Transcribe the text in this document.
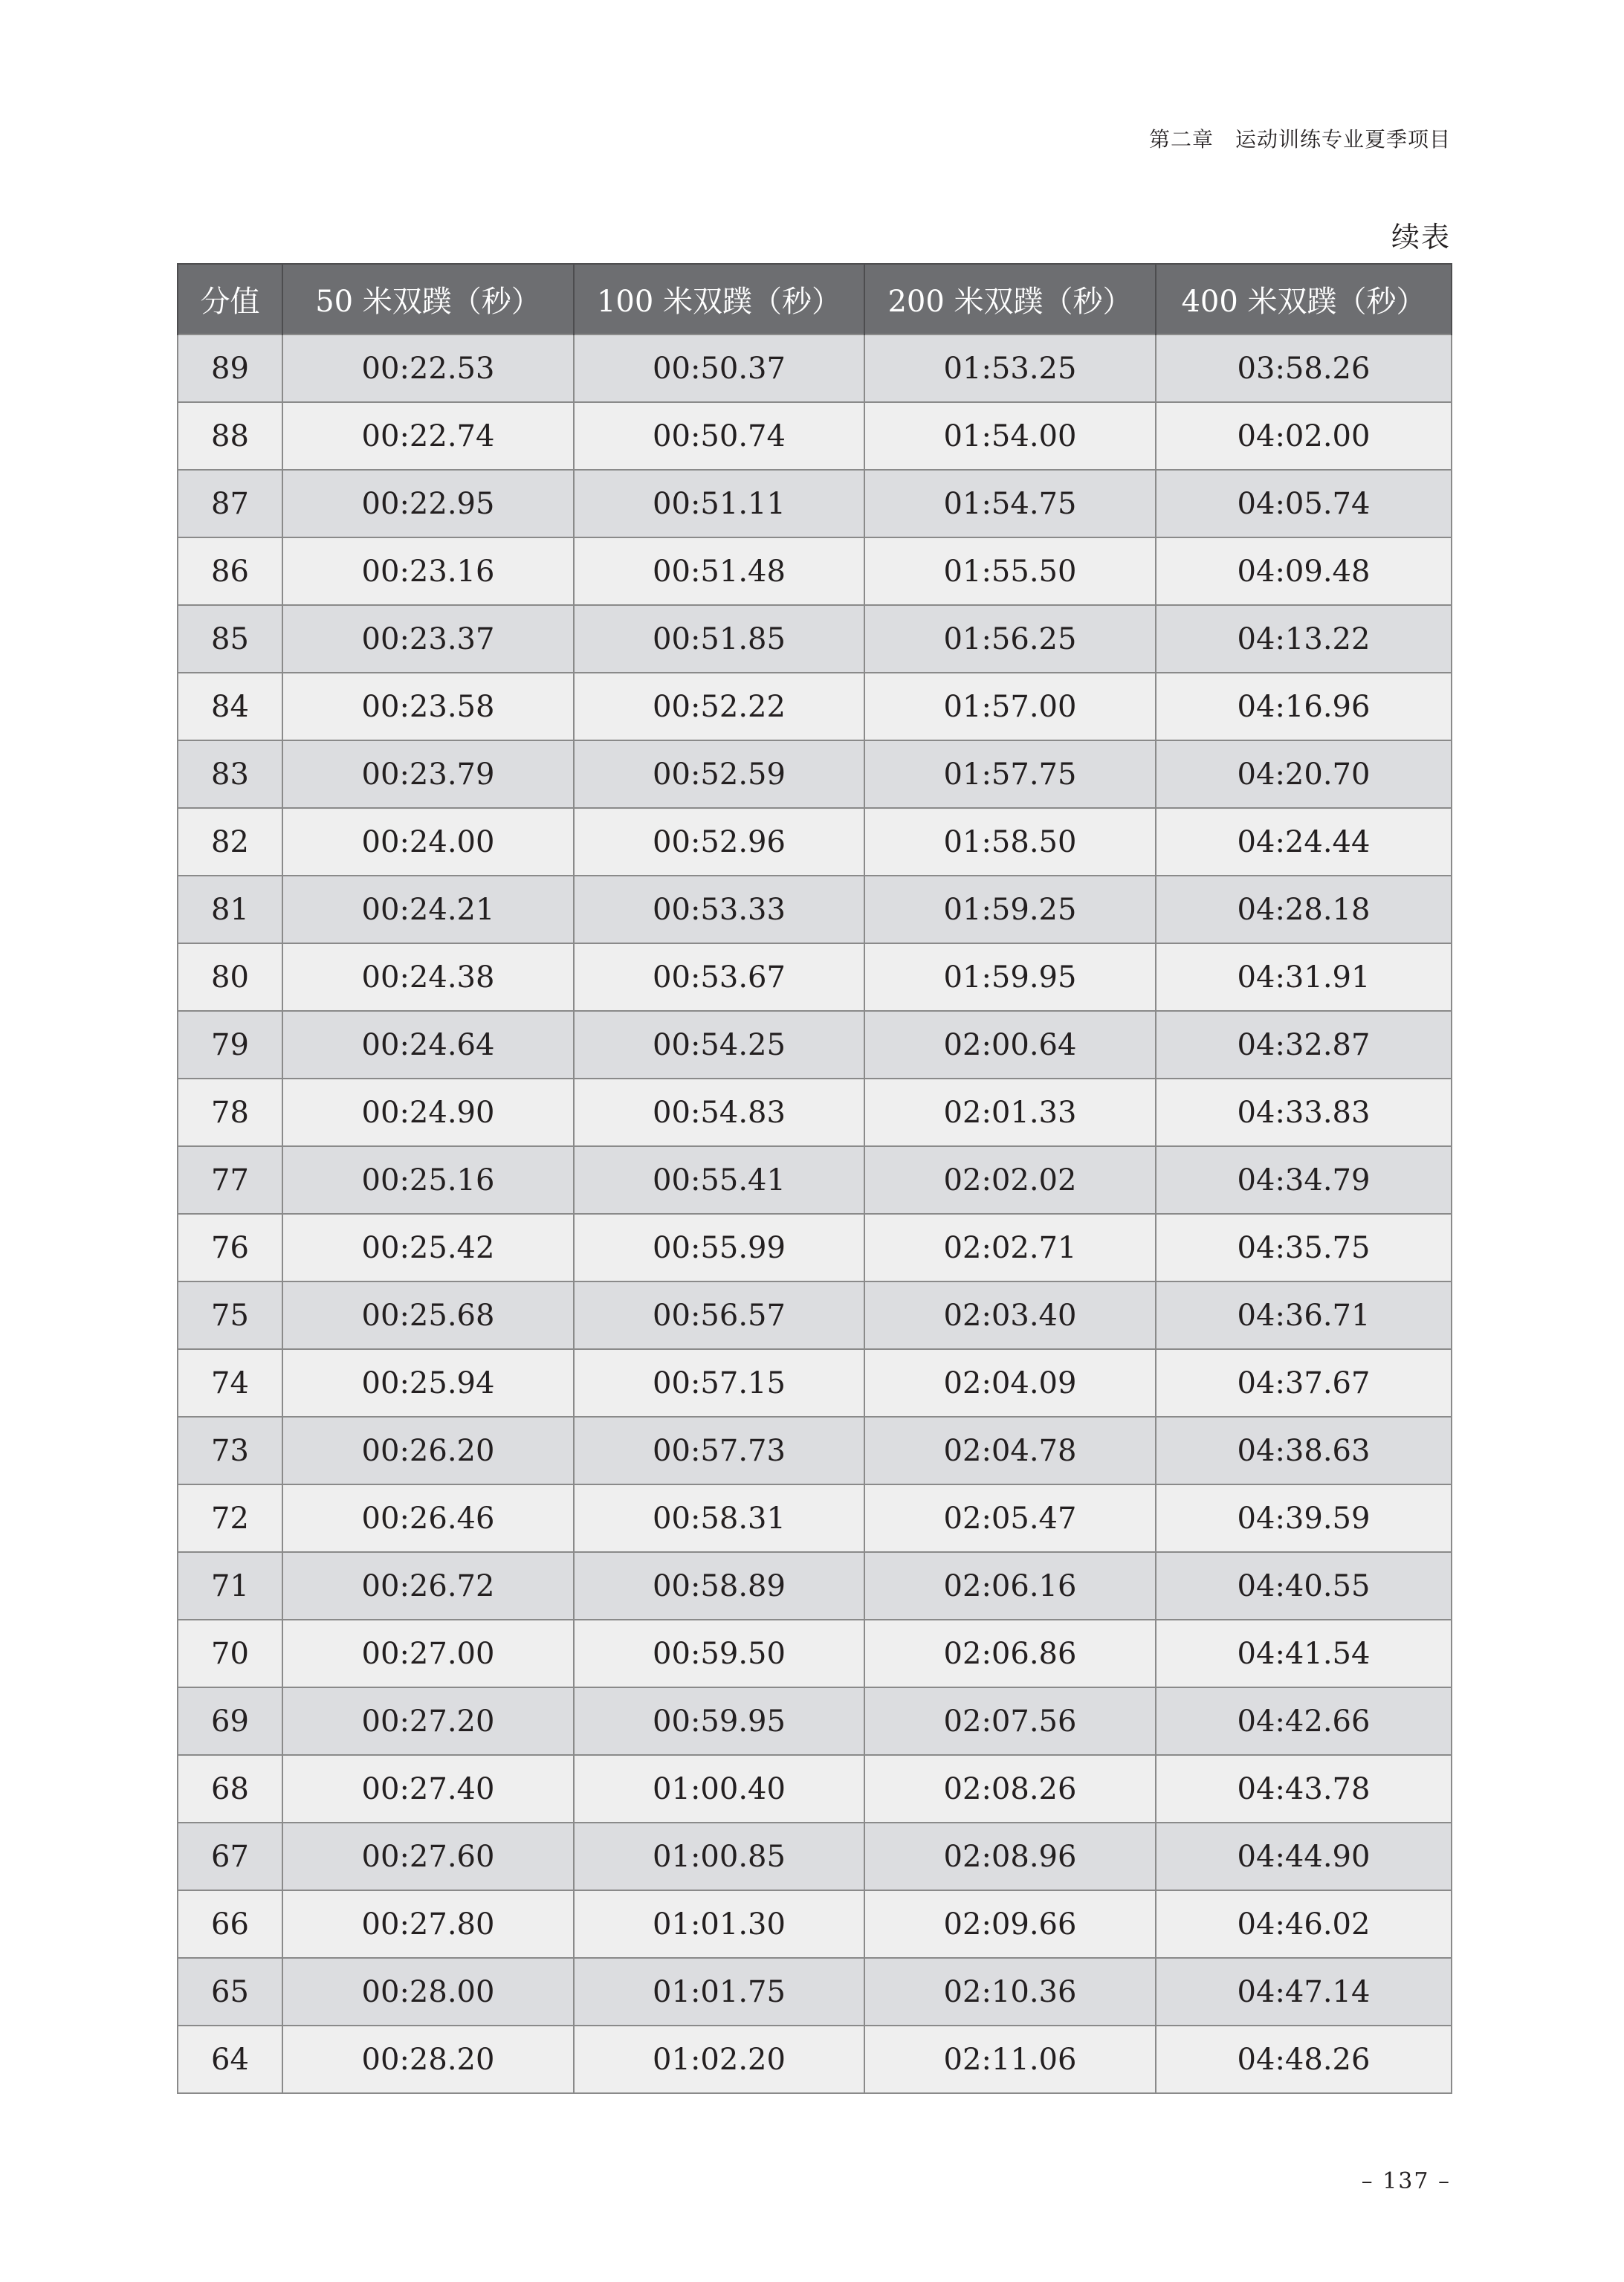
第二章　运动训练专业夏季项目
续表
分值	50 米双蹼（秒）	100 米双蹼（秒）	200 米双蹼（秒）	400 米双蹼（秒）
89	00:22.53	00:50.37	01:53.25	03:58.26
88	00:22.74	00:50.74	01:54.00	04:02.00
87	00:22.95	00:51.11	01:54.75	04:05.74
86	00:23.16	00:51.48	01:55.50	04:09.48
85	00:23.37	00:51.85	01:56.25	04:13.22
84	00:23.58	00:52.22	01:57.00	04:16.96
83	00:23.79	00:52.59	01:57.75	04:20.70
82	00:24.00	00:52.96	01:58.50	04:24.44
81	00:24.21	00:53.33	01:59.25	04:28.18
80	00:24.38	00:53.67	01:59.95	04:31.91
79	00:24.64	00:54.25	02:00.64	04:32.87
78	00:24.90	00:54.83	02:01.33	04:33.83
77	00:25.16	00:55.41	02:02.02	04:34.79
76	00:25.42	00:55.99	02:02.71	04:35.75
75	00:25.68	00:56.57	02:03.40	04:36.71
74	00:25.94	00:57.15	02:04.09	04:37.67
73	00:26.20	00:57.73	02:04.78	04:38.63
72	00:26.46	00:58.31	02:05.47	04:39.59
71	00:26.72	00:58.89	02:06.16	04:40.55
70	00:27.00	00:59.50	02:06.86	04:41.54
69	00:27.20	00:59.95	02:07.56	04:42.66
68	00:27.40	01:00.40	02:08.26	04:43.78
67	00:27.60	01:00.85	02:08.96	04:44.90
66	00:27.80	01:01.30	02:09.66	04:46.02
65	00:28.00	01:01.75	02:10.36	04:47.14
64	00:28.20	01:02.20	02:11.06	04:48.26
– 137 –
